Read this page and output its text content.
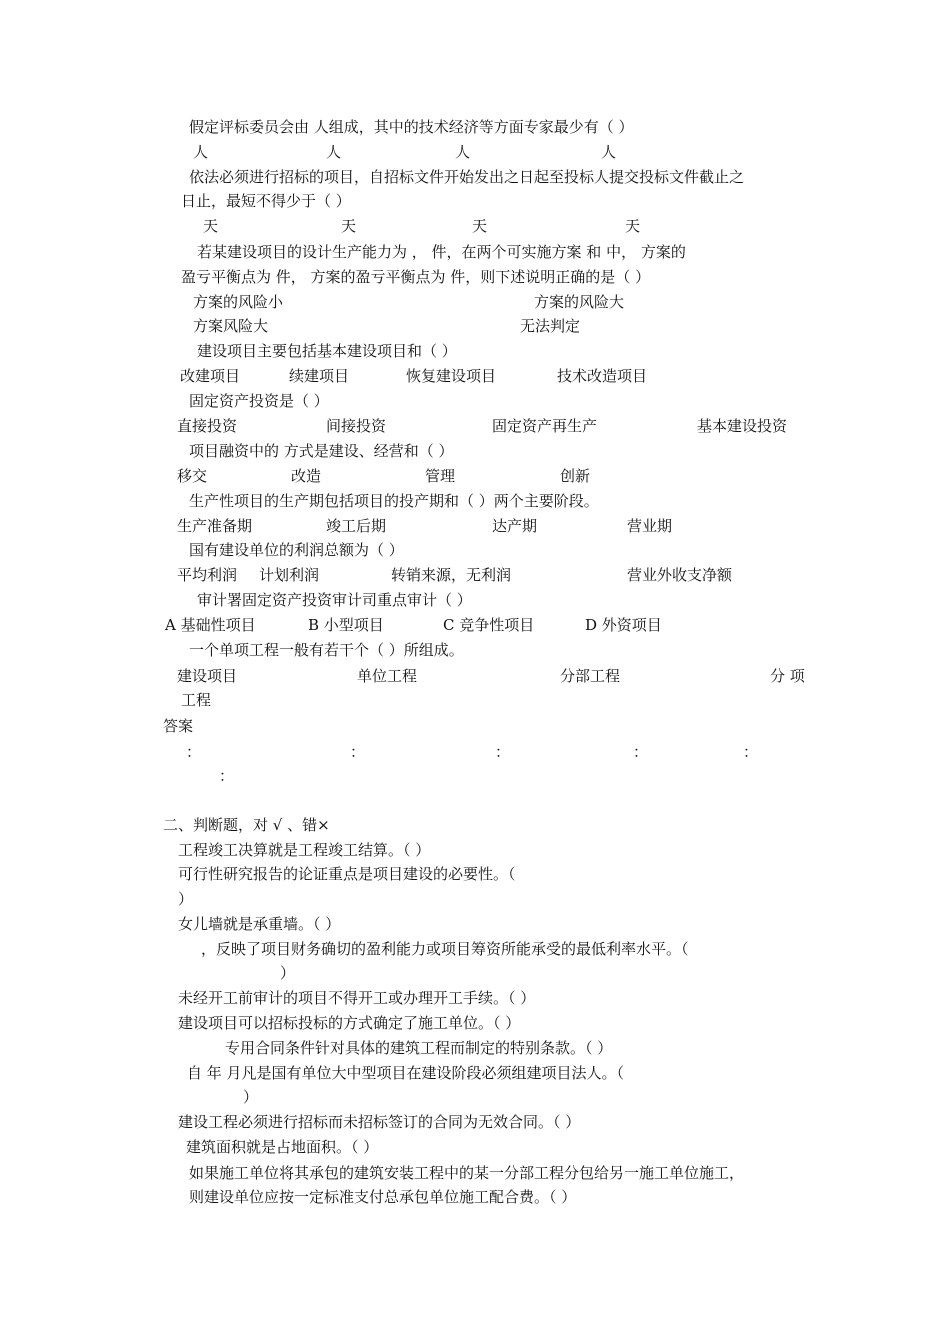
假定评标委员会由 人组成，其中的技术经济等方面专家最少有（ ）
人	人	人	人
依法必须进行招标的项目，自招标文件开始发出之日起至投标人提交投标文件截止之
日止，最短不得少于（ ）
天	天	天	天
若某建设项目的设计生产能力为 ， 件，在两个可实施方案 和 中， 方案的
盈亏平衡点为 件， 方案的盈亏平衡点为 件，则下述说明正确的是（ ）
方案的风险小	方案的风险大
方案风险大	无法判定
建设项目主要包括基本建设项目和（ ）
改建项目	续建项目	恢复建设项目	技术改造项目
固定资产投资是（ ）
直接投资	间接投资	固定资产再生产	基本建设投资
项目融资中的 方式是建设、经营和（ ）
移交	改造	管理	创新
生产性项目的生产期包括项目的投产期和（ ）两个主要阶段。
生产准备期	竣工后期	达产期	营业期
国有建设单位的利润总额为（ ）
平均利润 计划利润	转销来源，无利润	营业外收支净额
审计署固定资产投资审计司重点审计（ ）
A 基础性项目	B 小型项目	C 竞争性项目	D 外资项目
一个单项工程一般有若干个（ ）所组成。
建设项目	单位工程	分部工程	分 项
工程
答案
：	：	：	：	：
：
二、判断题，对 √ 、错×
工程竣工决算就是工程竣工结算。（ ）
可行性研究报告的论证重点是项目建设的必要性。（
）
女儿墙就是承重墙。（ ）
，反映了项目财务确切的盈利能力或项目筹资所能承受的最低利率水平。（
）
未经开工前审计的项目不得开工或办理开工手续。（ ）
建设项目可以招标投标的方式确定了施工单位。（ ）
专用合同条件针对具体的建筑工程而制定的特别条款。（ ）
自 年 月凡是国有单位大中型项目在建设阶段必须组建项目法人。（
）
建设工程必须进行招标而未招标签订的合同为无效合同。（ ）
建筑面积就是占地面积。（ ）
如果施工单位将其承包的建筑安装工程中的某一分部工程分包给另一施工单位施工，
则建设单位应按一定标准支付总承包单位施工配合费。（ ）
